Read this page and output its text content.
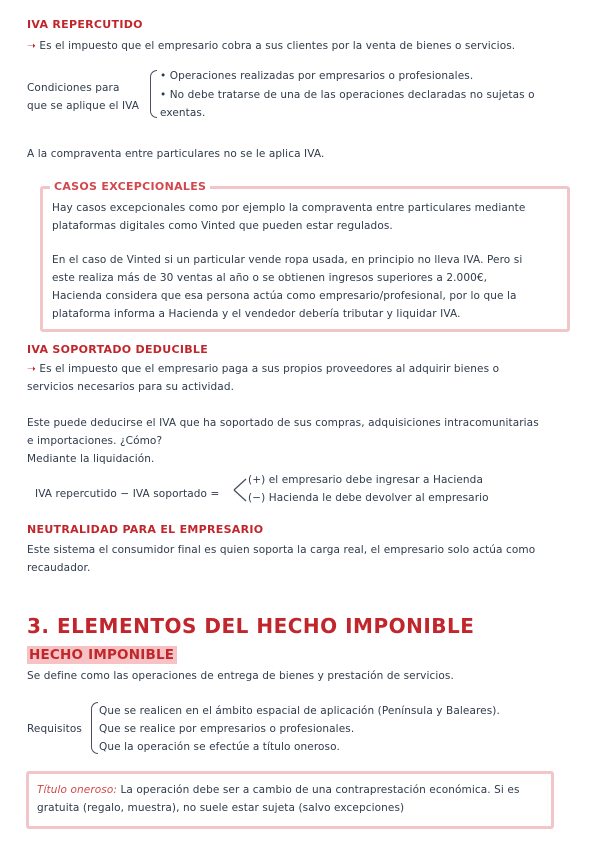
IVA REPERCUTIDO
➝ Es el impuesto que el empresario cobra a sus clientes por la venta de bienes o servicios.
Condiciones para
que se aplique el IVA
• Operaciones realizadas por empresarios o profesionales.
• No debe tratarse de una de las operaciones declaradas no sujetas o
exentas.
A la compraventa entre particulares no se le aplica IVA.
CASOS EXCEPCIONALES
Hay casos excepcionales como por ejemplo la compraventa entre particulares mediante
plataformas digitales como Vinted que pueden estar regulados.
En el caso de Vinted si un particular vende ropa usada, en principio no lleva IVA. Pero si
este realiza más de 30 ventas al año o se obtienen ingresos superiores a 2.000€,
Hacienda considera que esa persona actúa como empresario/profesional, por lo que la
plataforma informa a Hacienda y el vendedor debería tributar y liquidar IVA.
IVA SOPORTADO DEDUCIBLE
➝ Es el impuesto que el empresario paga a sus propios proveedores al adquirir bienes o
servicios necesarios para su actividad.
Este puede deducirse el IVA que ha soportado de sus compras, adquisiciones intracomunitarias
e importaciones. ¿Cómo?
Mediante la liquidación.
IVA repercutido − IVA soportado =
(+) el empresario debe ingresar a Hacienda
(−) Hacienda le debe devolver al empresario
NEUTRALIDAD PARA EL EMPRESARIO
Este sistema el consumidor final es quien soporta la carga real, el empresario solo actúa como
recaudador.
3. ELEMENTOS DEL HECHO IMPONIBLE
HECHO IMPONIBLE
Se define como las operaciones de entrega de bienes y prestación de servicios.
Requisitos
Que se realicen en el ámbito espacial de aplicación (Península y Baleares).
Que se realice por empresarios o profesionales.
Que la operación se efectúe a título oneroso.
Título oneroso: La operación debe ser a cambio de una contraprestación económica. Si es
gratuita (regalo, muestra), no suele estar sujeta (salvo excepciones)
